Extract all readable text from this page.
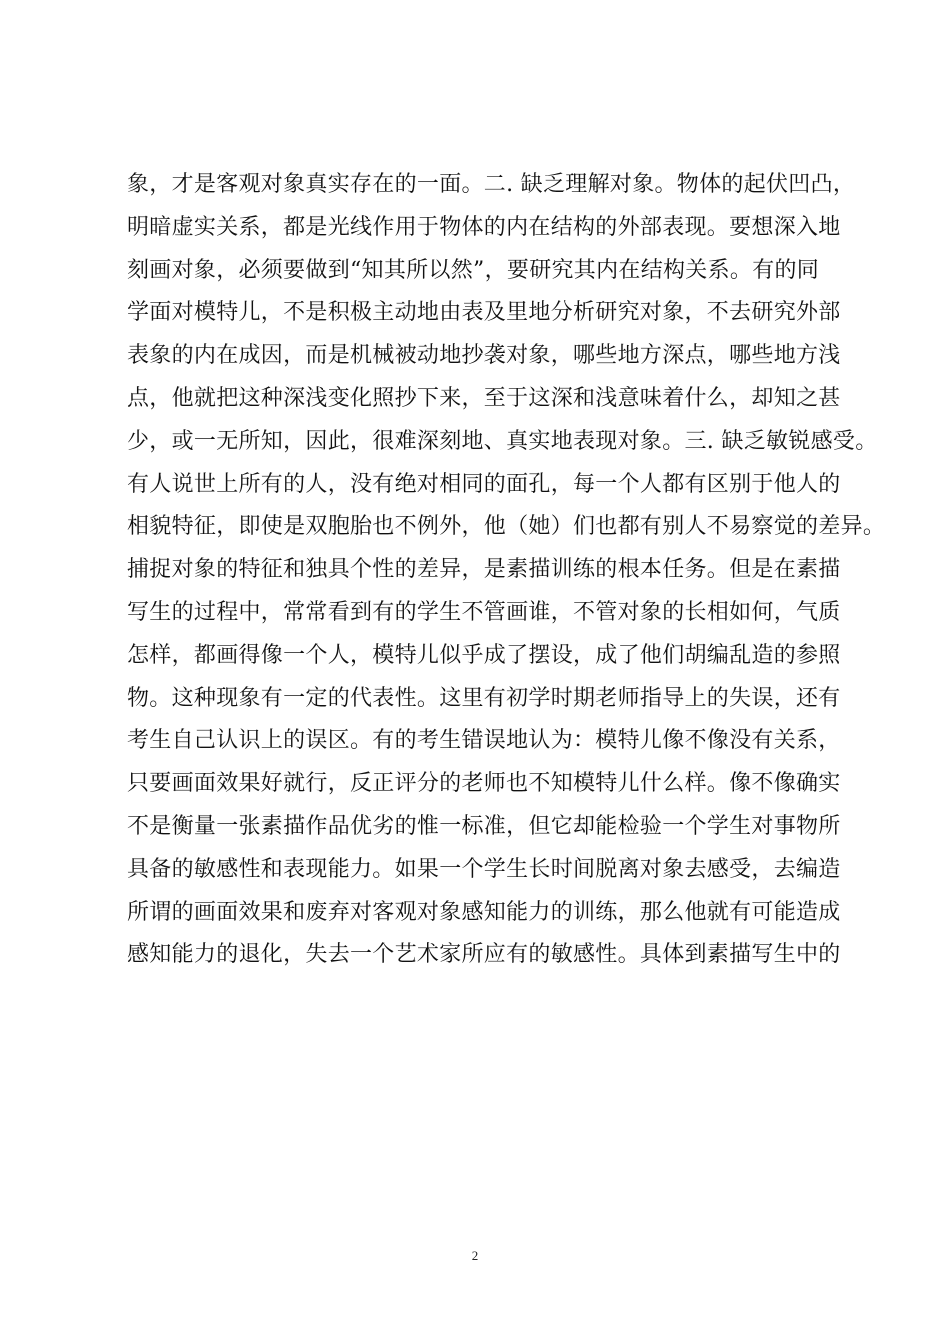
象，才是客观对象真实存在的一面。二. 缺乏理解对象。物体的起伏凹凸，
明暗虚实关系，都是光线作用于物体的内在结构的外部表现。要想深入地
刻画对象，必须要做到“知其所以然”，要研究其内在结构关系。有的同
学面对模特儿，不是积极主动地由表及里地分析研究对象，不去研究外部
表象的内在成因，而是机械被动地抄袭对象，哪些地方深点，哪些地方浅
点，他就把这种深浅变化照抄下来，至于这深和浅意味着什么，却知之甚
少，或一无所知，因此，很难深刻地、真实地表现对象。三. 缺乏敏锐感受。
有人说世上所有的人，没有绝对相同的面孔，每一个人都有区别于他人的
相貌特征，即使是双胞胎也不例外，他（她）们也都有别人不易察觉的差异。
捕捉对象的特征和独具个性的差异，是素描训练的根本任务。但是在素描
写生的过程中，常常看到有的学生不管画谁，不管对象的长相如何，气质
怎样，都画得像一个人，模特儿似乎成了摆设，成了他们胡编乱造的参照
物。这种现象有一定的代表性。这里有初学时期老师指导上的失误，还有
考生自己认识上的误区。有的考生错误地认为：模特儿像不像没有关系，
只要画面效果好就行，反正评分的老师也不知模特儿什么样。像不像确实
不是衡量一张素描作品优劣的惟一标准，但它却能检验一个学生对事物所
具备的敏感性和表现能力。如果一个学生长时间脱离对象去感受，去编造
所谓的画面效果和废弃对客观对象感知能力的训练，那么他就有可能造成
感知能力的退化，失去一个艺术家所应有的敏感性。具体到素描写生中的
2
